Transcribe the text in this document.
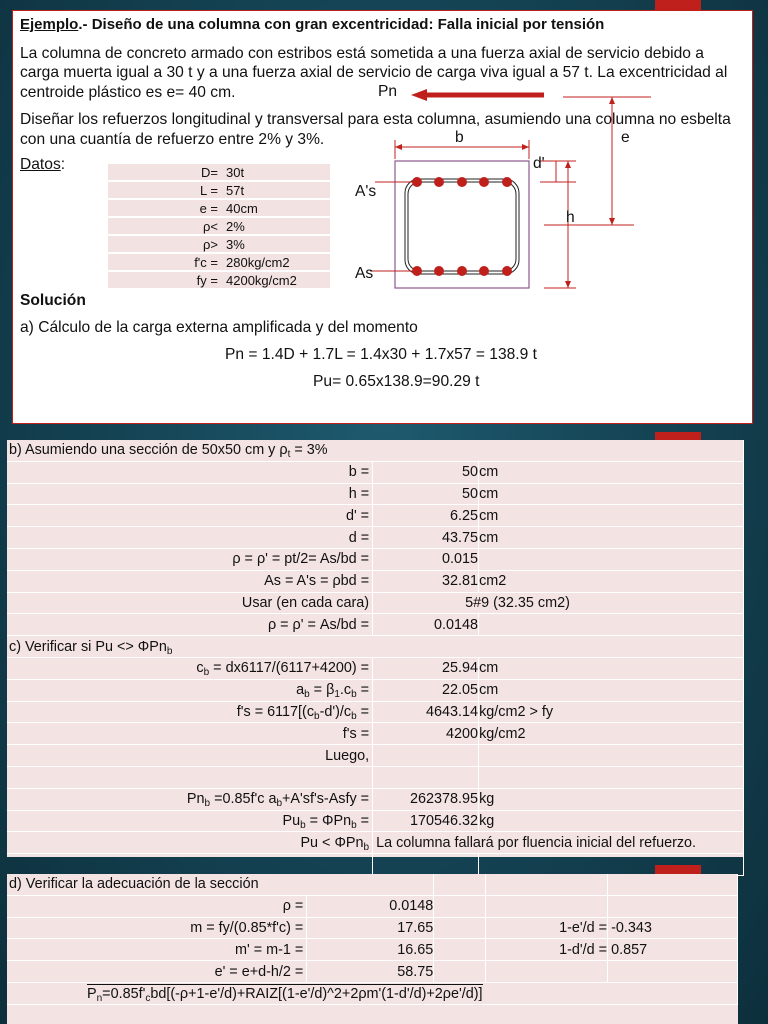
Ejemplo.- Diseño de una columna con gran excentricidad: Falla inicial por tensión
La columna de concreto armado con estribos está sometida a una fuerza axial de servicio debido a
carga muerta igual a 30 t y a una fuerza axial de servicio de carga viva igual a 57 t. La excentricidad al
centroide plástico es e= 40 cm.
Diseñar los refuerzos longitudinal y transversal para esta columna, asumiendo una columna no esbelta
con una cuantía de refuerzo entre 2% y 3%.
Datos:	D=	30t
L =	57t
e =	40cm
ρ<	2%
ρ>	3%
f'c =	280kg/cm2
fy =	4200kg/cm2
Pn
b	e
d'
A's
h
As
Solución
a) Cálculo de la carga externa amplificada y del momento
Pn = 1.4D + 1.7L = 1.4x30 + 1.7x57 = 138.9 t
Pu= 0.65x138.9=90.29 t
b) Asumiendo una sección de 50x50 cm y $\rho_t = 3\%$		
b =	50	cm
h =	50	cm
d' =	6.25	cm
d =	43.75	cm
ρ = ρ' = pt/2= As/bd =	0.015	
As = A's = ρbd =	32.81	cm2
Usar (en cada cara)	5#9 (32.35 cm2)	
ρ = ρ' = As/bd =	0.0148	
c) Verificar si Pu <> ΦPn$_b$
$c_b = dx6117/(6117+4200)$ =	25.94	cm
$a_b = \beta_1.c_b$ =	22.05	cm
$f's = 6117[(c_b-d')/c_b$ =	4643.14	kg/cm2 > fy
f's =	4200	kg/cm2
Luego,		

$Pn_b =0.85f'c$ $a_b+A'sf's$-Asfy =	262378.95	kg
$Pu_b = \Phi Pn_b$ =	170546.32	kg
Pu < ΦPn$_b$	La columna fallará por fluencia inicial del refuerzo.	

d) Verificar la adecuación de la sección				
ρ =	0.0148			
m = fy/(0.85*f'c) =	17.65		1-e'/d =	-0.343
m' = m-1 =	16.65		1-d'/d =	0.857
e' = e+d-h/2 =	58.75			
$P_n=0.85f'_cbd[(-\rho+1-e'/d)+RAIZ[(1-e'/d)\^{}2+2\rho m'(1-d'/d)+2\rho e'/d)]$				
